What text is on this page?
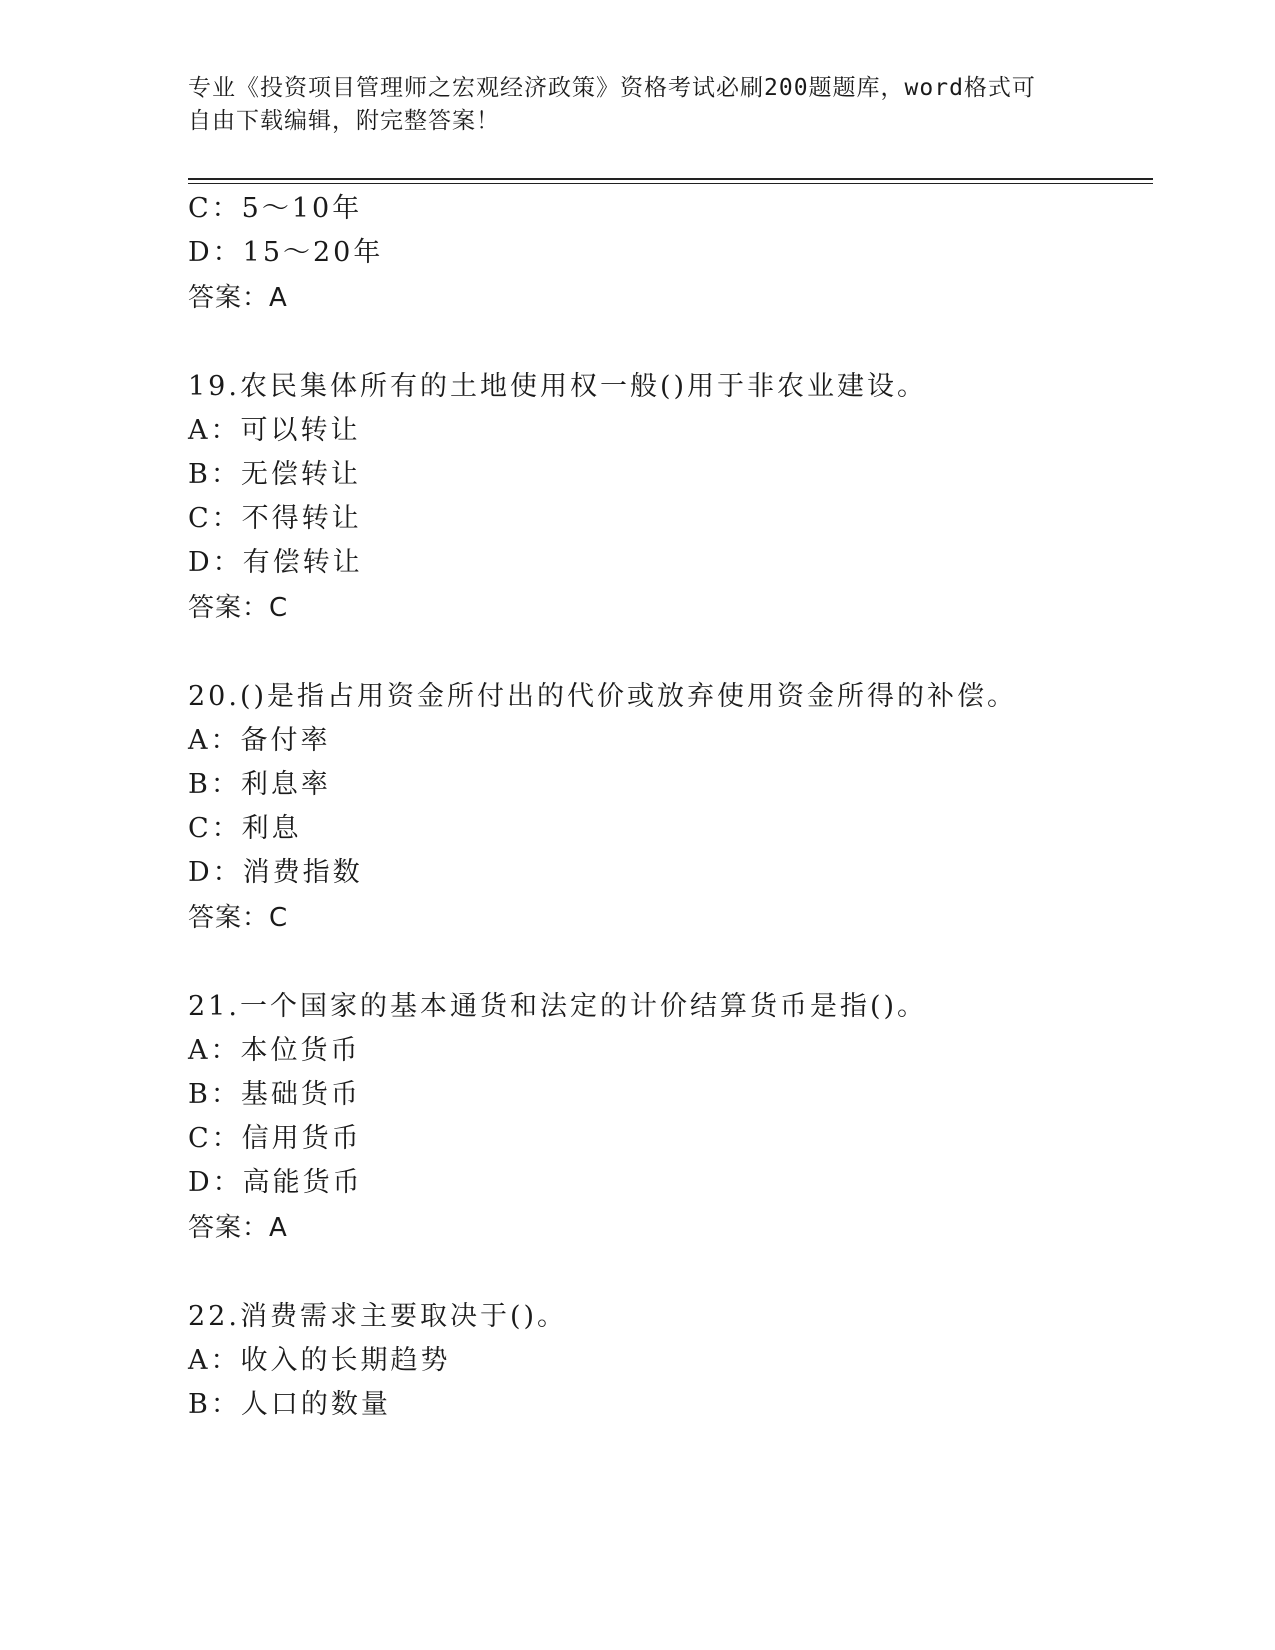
专业《投资项目管理师之宏观经济政策》资格考试必刷200题题库，word格式可
自由下载编辑，附完整答案！
C：5～10年
D：15～20年
答案：A
19.农民集体所有的土地使用权一般()用于非农业建设。
A：可以转让
B：无偿转让
C：不得转让
D：有偿转让
答案：C
20.()是指占用资金所付出的代价或放弃使用资金所得的补偿。
A：备付率
B：利息率
C：利息
D：消费指数
答案：C
21.一个国家的基本通货和法定的计价结算货币是指()。
A：本位货币
B：基础货币
C：信用货币
D：高能货币
答案：A
22.消费需求主要取决于()。
A：收入的长期趋势
B：人口的数量
